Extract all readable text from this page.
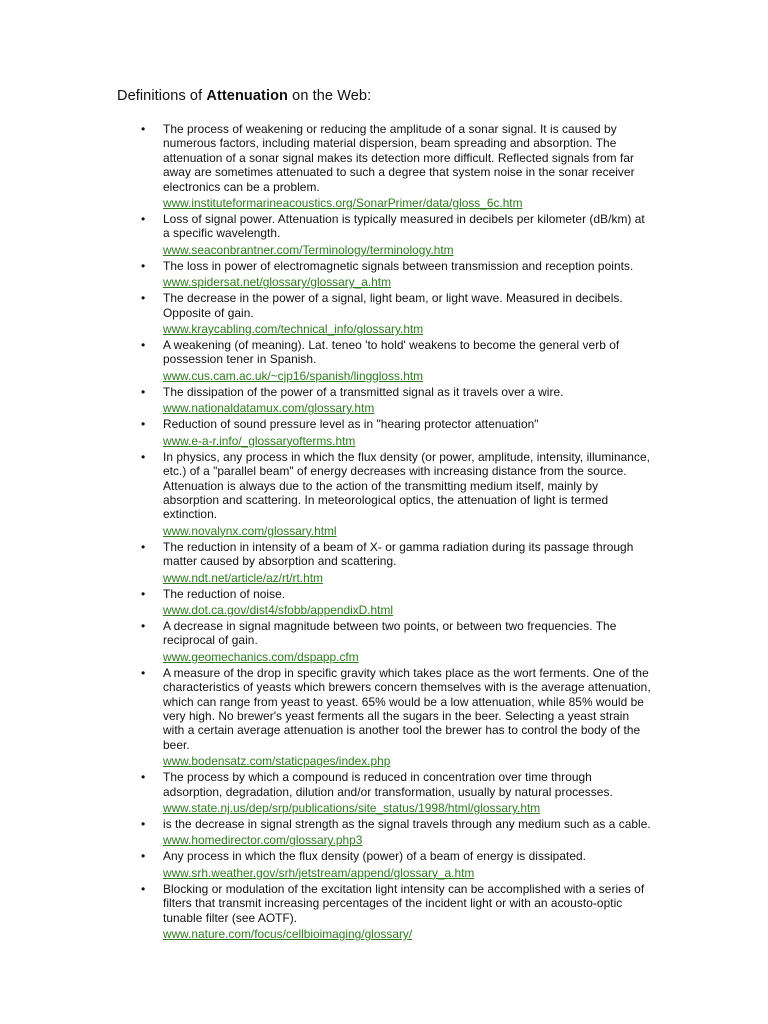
Definitions of Attenuation on the Web:
• The process of weakening or reducing the amplitude of a sonar signal. It is caused by numerous factors, including material dispersion, beam spreading and absorption. The attenuation of a sonar signal makes its detection more difficult. Reflected signals from far away are sometimes attenuated to such a degree that system noise in the sonar receiver electronics can be a problem.
www.instituteformarineacoustics.org/SonarPrimer/data/gloss_6c.htm
• Loss of signal power. Attenuation is typically measured in decibels per kilometer (dB/km) at a specific wavelength.
www.seaconbrantner.com/Terminology/terminology.htm
• The loss in power of electromagnetic signals between transmission and reception points.
www.spidersat.net/glossary/glossary_a.htm
• The decrease in the power of a signal, light beam, or light wave. Measured in decibels. Opposite of gain.
www.kraycabling.com/technical_info/glossary.htm
• A weakening (of meaning). Lat. teneo 'to hold' weakens to become the general verb of possession tener in Spanish.
www.cus.cam.ac.uk/~cjp16/spanish/linggloss.htm
• The dissipation of the power of a transmitted signal as it travels over a wire.
www.nationaldatamux.com/glossary.htm
• Reduction of sound pressure level as in "hearing protector attenuation"
www.e-a-r.info/_glossaryofterms.htm
• In physics, any process in which the flux density (or power, amplitude, intensity, illuminance, etc.) of a "parallel beam" of energy decreases with increasing distance from the source. Attenuation is always due to the action of the transmitting medium itself, mainly by absorption and scattering. In meteorological optics, the attenuation of light is termed extinction.
www.novalynx.com/glossary.html
• The reduction in intensity of a beam of X- or gamma radiation during its passage through matter caused by absorption and scattering.
www.ndt.net/article/az/rt/rt.htm
• The reduction of noise.
www.dot.ca.gov/dist4/sfobb/appendixD.html
• A decrease in signal magnitude between two points, or between two frequencies. The reciprocal of gain.
www.geomechanics.com/dspapp.cfm
• A measure of the drop in specific gravity which takes place as the wort ferments. One of the characteristics of yeasts which brewers concern themselves with is the average attenuation, which can range from yeast to yeast. 65% would be a low attenuation, while 85% would be very high. No brewer's yeast ferments all the sugars in the beer. Selecting a yeast strain with a certain average attenuation is another tool the brewer has to control the body of the beer.
www.bodensatz.com/staticpages/index.php
• The process by which a compound is reduced in concentration over time through adsorption, degradation, dilution and/or transformation, usually by natural processes.
www.state.nj.us/dep/srp/publications/site_status/1998/html/glossary.htm
• is the decrease in signal strength as the signal travels through any medium such as a cable.
www.homedirector.com/glossary.php3
• Any process in which the flux density (power) of a beam of energy is dissipated.
www.srh.weather.gov/srh/jetstream/append/glossary_a.htm
• Blocking or modulation of the excitation light intensity can be accomplished with a series of filters that transmit increasing percentages of the incident light or with an acousto-optic tunable filter (see AOTF).
www.nature.com/focus/cellbioimaging/glossary/
